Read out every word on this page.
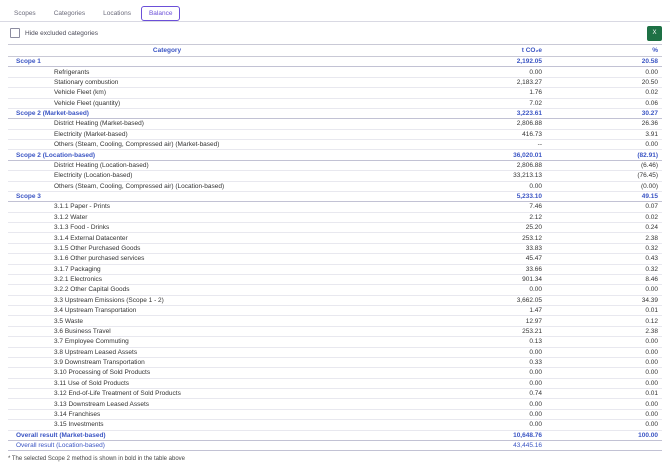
Scopes	Categories	Locations	Balance
Hide excluded categories	X
Category	t CO₂e	%
Scope 1	2,192.05	20.58
Refrigerants	0.00	0.00
Stationary combustion	2,183.27	20.50
Vehicle Fleet (km)	1.76	0.02
Vehicle Fleet (quantity)	7.02	0.06
Scope 2 (Market-based)	3,223.61	30.27
District Heating (Market-based)	2,806.88	26.36
Electricity (Market-based)	416.73	3.91
Others (Steam, Cooling, Compressed air) (Market-based)	--	0.00
Scope 2 (Location-based)	36,020.01	(82.91)
District Heating (Location-based)	2,806.88	(6.46)
Electricity (Location-based)	33,213.13	(76.45)
Others (Steam, Cooling, Compressed air) (Location-based)	0.00	(0.00)
Scope 3	5,233.10	49.15
3.1.1 Paper - Prints	7.46	0.07
3.1.2 Water	2.12	0.02
3.1.3 Food - Drinks	25.20	0.24
3.1.4 External Datacenter	253.12	2.38
3.1.5 Other Purchased Goods	33.83	0.32
3.1.6 Other purchased services	45.47	0.43
3.1.7 Packaging	33.66	0.32
3.2.1 Electronics	901.34	8.46
3.2.2 Other Capital Goods	0.00	0.00
3.3 Upstream Emissions (Scope 1 - 2)	3,662.05	34.39
3.4 Upstream Transportation	1.47	0.01
3.5 Waste	12.97	0.12
3.6 Business Travel	253.21	2.38
3.7 Employee Commuting	0.13	0.00
3.8 Upstream Leased Assets	0.00	0.00
3.9 Downstream Transportation	0.33	0.00
3.10 Processing of Sold Products	0.00	0.00
3.11 Use of Sold Products	0.00	0.00
3.12 End-of-Life Treatment of Sold Products	0.74	0.01
3.13 Downstream Leased Assets	0.00	0.00
3.14 Franchises	0.00	0.00
3.15 Investments	0.00	0.00
Overall result (Market-based)	10,648.76	100.00
Overall result (Location-based)	43,445.16	
* The selected Scope 2 method is shown in bold in the table above
